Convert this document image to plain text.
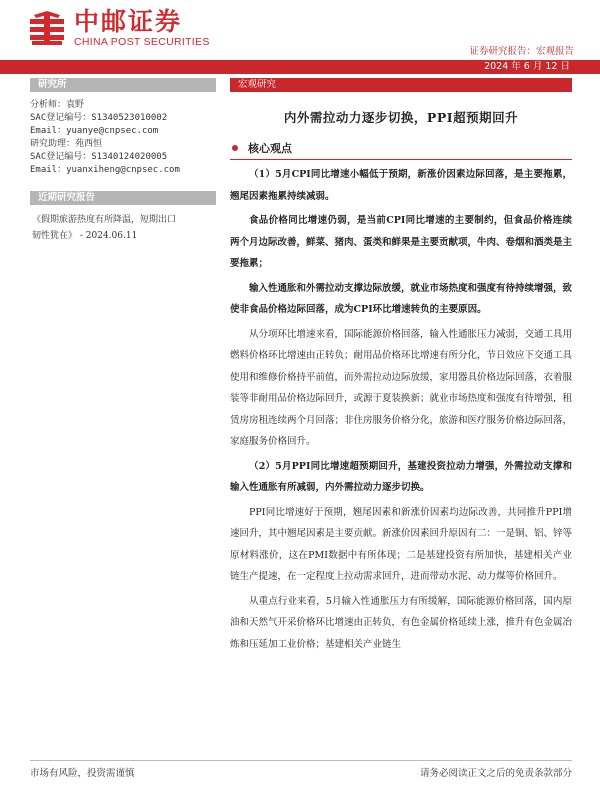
中邮证券
CHINA POST SECURITIES
证券研究报告：宏观报告
2024 年 6 月 12 日
研究所
分析师：袁野
SAC登记编号：S1340523010002
Email：yuanye@cnpsec.com
研究助理：苑西恒
SAC登记编号：S1340124020005
Email：yuanxiheng@cnpsec.com
近期研究报告
《假期旅游热度有所降温，短期出口
韧性犹在》 - 2024.06.11
宏观研究
内外需拉动力逐步切换，PPI超预期回升
核心观点

（1）5月CPI同比增速小幅低于预期，新涨价因素边际回落，是主要拖累，翘尾因素拖累持续减弱。

食品价格同比增速仍弱，是当前CPI同比增速的主要制约，但食品价格连续两个月边际改善，鲜菜、猪肉、蛋类和鲜果是主要贡献项，牛肉、卷烟和酒类是主要拖累；

输入性通胀和外需拉动支撑边际放缓，就业市场热度和强度有待持续增强，致使非食品价格边际回落，成为CPI环比增速转负的主要原因。

从分项环比增速来看，国际能源价格回落，输入性通胀压力减弱，交通工具用燃料价格环比增速由正转负；耐用品价格环比增速有所分化，节日效应下交通工具使用和维修价格持平前值，而外需拉动边际放缓，家用器具价格边际回落，衣着服装等非耐用品价格边际回升，或源于夏装换新；就业市场热度和强度有待增强，租赁房房租连续两个月回落；非住房服务价格分化，旅游和医疗服务价格边际回落，家庭服务价格回升。

（2）5月PPI同比增速超预期回升，基建投资拉动力增强，外需拉动支撑和输入性通胀有所减弱，内外需拉动力逐步切换。

PPI同比增速好于预期，翘尾因素和新涨价因素均边际改善，共同推升PPI增速回升，其中翘尾因素是主要贡献。新涨价因素回升原因有二：一是铜、铝、锌等原材料涨价，这在PMI数据中有所体现；二是基建投资有所加快，基建相关产业链生产提速，在一定程度上拉动需求回升，进而带动水泥、动力煤等价格回升。

从重点行业来看，5月输入性通胀压力有所缓解，国际能源价格回落，国内原油和天然气开采价格环比增速由正转负，有色金属价格延续上涨，推升有色金属冶炼和压延加工业价格；基建相关产业链生

市场有风险，投资需谨慎	请务必阅读正文之后的免责条款部分
